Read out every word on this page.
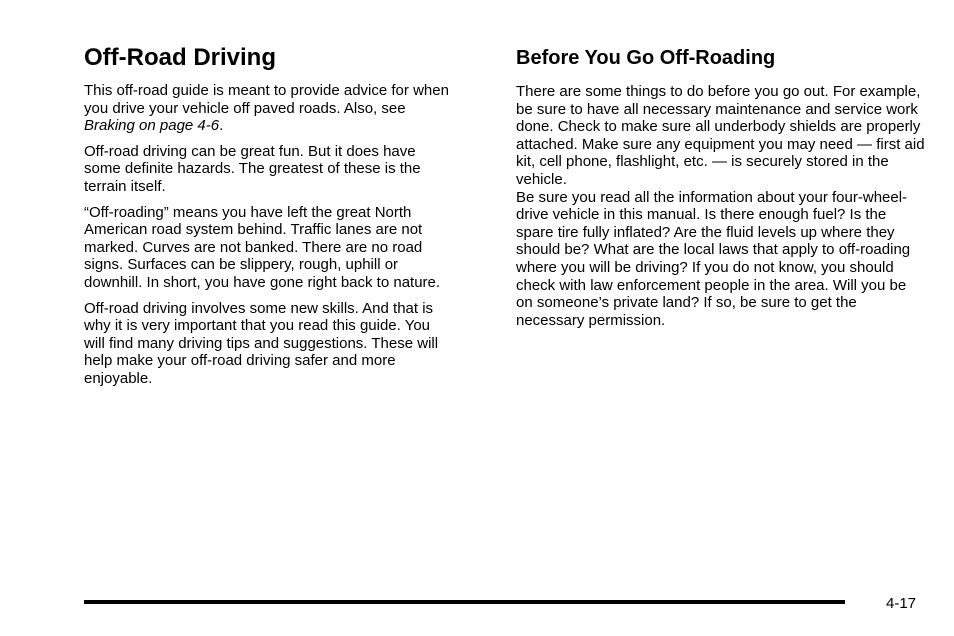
Off-Road Driving

This off-road guide is meant to provide advice for when you drive your vehicle off paved roads. Also, see Braking on page 4-6.

Off-road driving can be great fun. But it does have some definite hazards. The greatest of these is the terrain itself.

“Off-roading” means you have left the great North American road system behind. Traffic lanes are not marked. Curves are not banked. There are no road signs. Surfaces can be slippery, rough, uphill or downhill. In short, you have gone right back to nature.

Off-road driving involves some new skills. And that is why it is very important that you read this guide. You will find many driving tips and suggestions. These will help make your off-road driving safer and more enjoyable.

Before You Go Off-Roading

There are some things to do before you go out. For example, be sure to have all necessary maintenance and service work done. Check to make sure all underbody shields are properly attached. Make sure any equipment you may need — first aid kit, cell phone, flashlight, etc. — is securely stored in the vehicle.

Be sure you read all the information about your four-wheel-drive vehicle in this manual. Is there enough fuel? Is the spare tire fully inflated? Are the fluid levels up where they should be? What are the local laws that apply to off-roading where you will be driving? If you do not know, you should check with law enforcement people in the area. Will you be on someone’s private land? If so, be sure to get the necessary permission.

4-17
